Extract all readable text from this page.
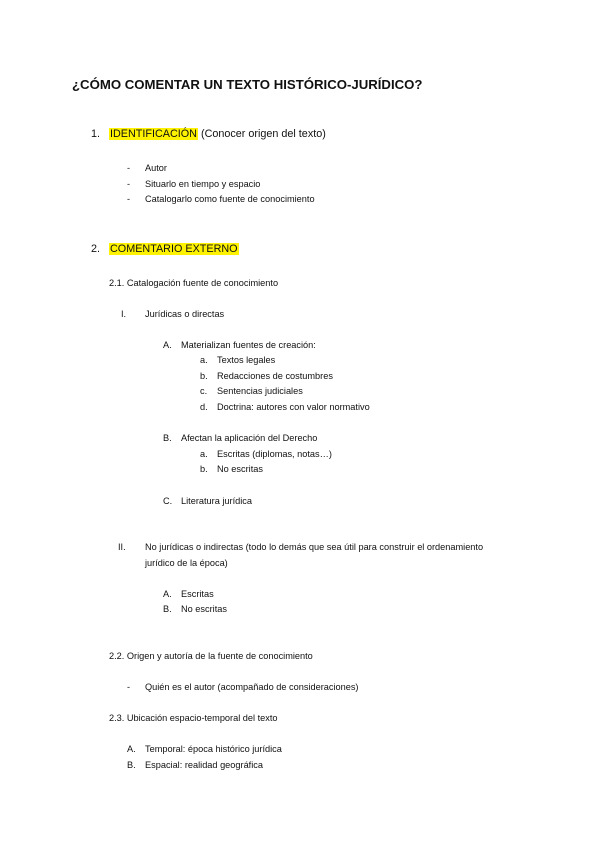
¿CÓMO COMENTAR UN TEXTO HISTÓRICO-JURÍDICO?
1. IDENTIFICACIÓN (Conocer origen del texto)
- Autor
- Situarlo en tiempo y espacio
- Catalogarlo como fuente de conocimiento
2. COMENTARIO EXTERNO
2.1. Catalogación fuente de conocimiento
I. Jurídicas o directas
A. Materializan fuentes de creación:
a. Textos legales
b. Redacciones de costumbres
c. Sentencias judiciales
d. Doctrina: autores con valor normativo
B. Afectan la aplicación del Derecho
a. Escritas (diplomas, notas…)
b. No escritas
C. Literatura jurídica
II. No jurídicas o indirectas (todo lo demás que sea útil para construir el ordenamiento
jurídico de la época)
A. Escritas
B. No escritas
2.2. Origen y autoría de la fuente de conocimiento
- Quién es el autor (acompañado de consideraciones)
2.3. Ubicación espacio-temporal del texto
A. Temporal: época histórico jurídica
B. Espacial: realidad geográfica
